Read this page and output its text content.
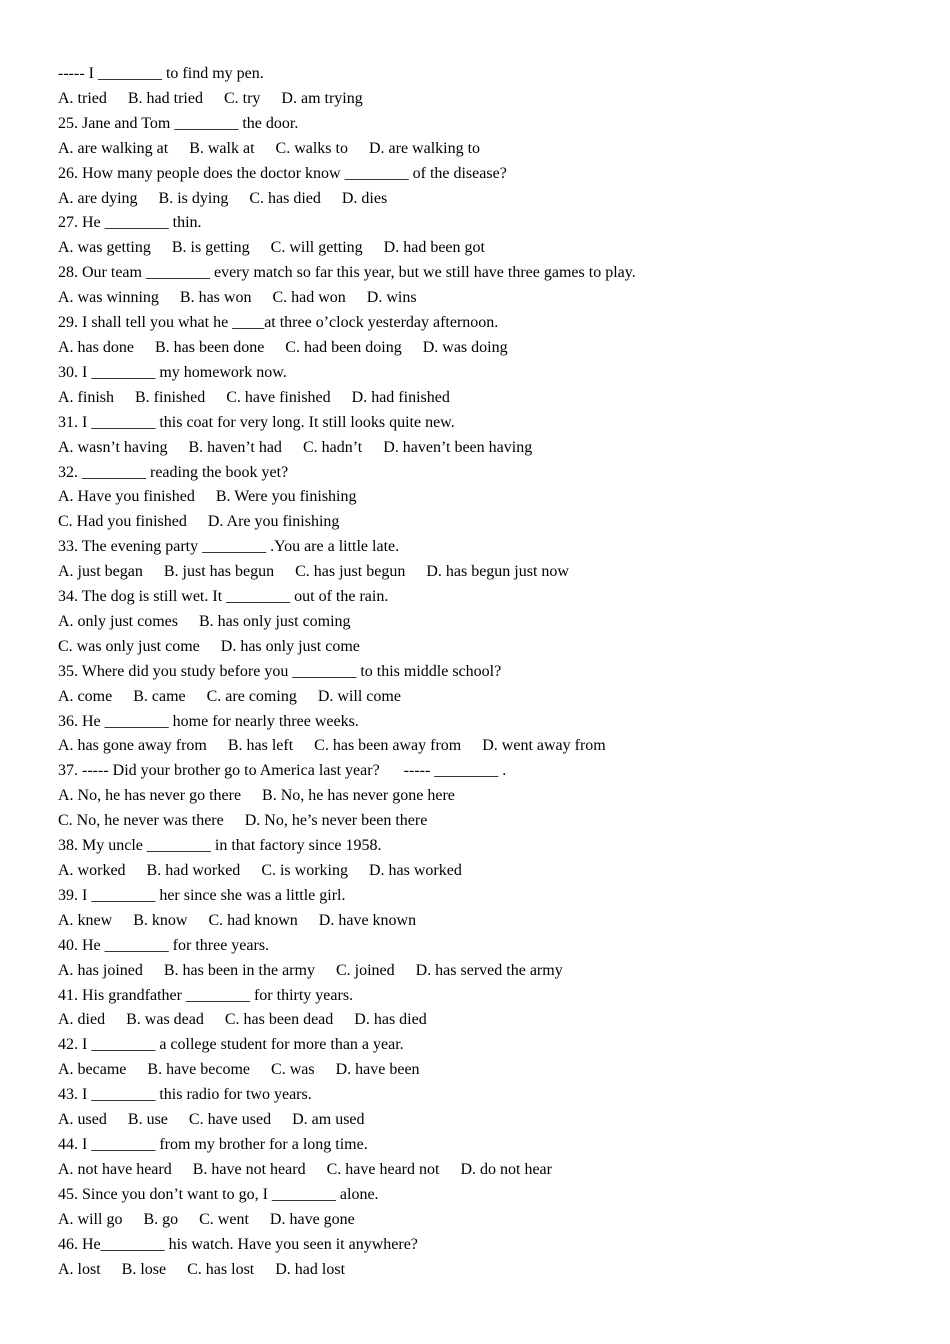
----- I ________ to find my pen.
A. tried B. had tried C. try D. am trying
25. Jane and Tom ________ the door.
A. are walking at B. walk at C. walks to D. are walking to
26. How many people does the doctor know ________ of the disease?
A. are dying B. is dying C. has died D. dies
27. He ________ thin.
A. was getting B. is getting C. will getting D. had been got
28. Our team ________ every match so far this year, but we still have three games to play.
A. was winning B. has won C. had won D. wins
29. I shall tell you what he ____at three o’clock yesterday afternoon.
A. has done B. has been done C. had been doing D. was doing
30. I ________ my homework now.
A. finish B. finished C. have finished D. had finished
31. I ________ this coat for very long. It still looks quite new.
A. wasn’t having B. haven’t had C. hadn’t D. haven’t been having
32. ________ reading the book yet?
A. Have you finished B. Were you finishing
C. Had you finished D. Are you finishing
33. The evening party ________ .You are a little late.
A. just began B. just has begun C. has just begun D. has begun just now
34. The dog is still wet. It ________ out of the rain.
A. only just comes B. has only just coming
C. was only just come D. has only just come
35. Where did you study before you ________ to this middle school?
A. come B. came C. are coming D. will come
36. He ________ home for nearly three weeks.
A. has gone away from B. has left C. has been away from D. went away from
37. ----- Did your brother go to America last year?      ----- ________ .
A. No, he has never go there B. No, he has never gone here
C. No, he never was there D. No, he’s never been there
38. My uncle ________ in that factory since 1958.
A. worked B. had worked C. is working D. has worked
39. I ________ her since she was a little girl.
A. knew B. know C. had known D. have known
40. He ________ for three years.
A. has joined B. has been in the army C. joined D. has served the army
41. His grandfather ________ for thirty years.
A. died B. was dead C. has been dead D. has died
42. I ________ a college student for more than a year.
A. became B. have become C. was D. have been
43. I ________ this radio for two years.
A. used B. use C. have used D. am used
44. I ________ from my brother for a long time.
A. not have heard B. have not heard C. have heard not D. do not hear
45. Since you don’t want to go, I ________ alone.
A. will go B. go C. went D. have gone
46. He________ his watch. Have you seen it anywhere?
A. lost B. lose C. has lost D. had lost
